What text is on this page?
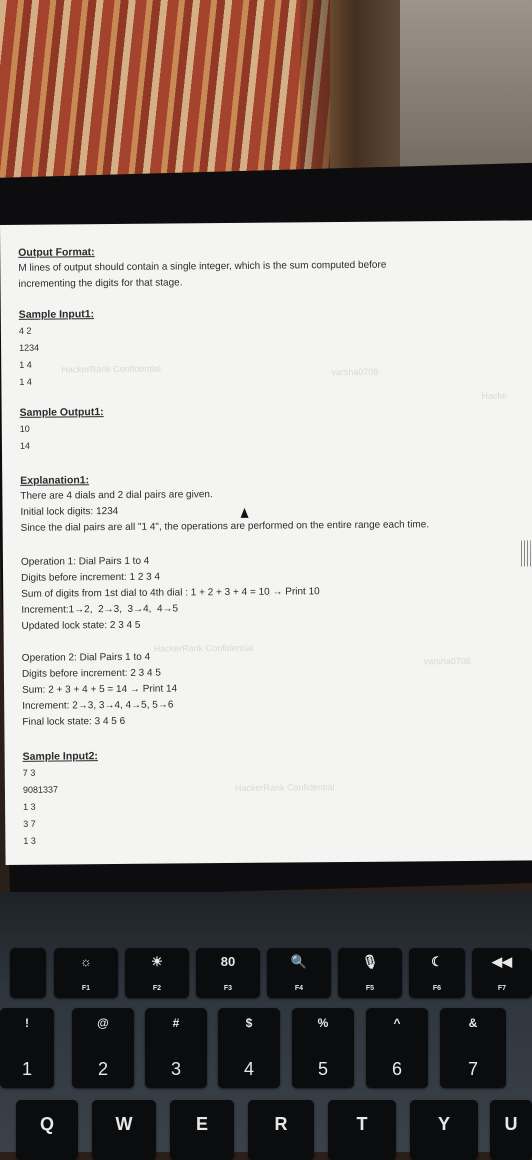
HackerRank Confidential	varsha0708
Hacke
HackerRank Confidential
varsha0708
HackerRank Confidential
Output Format:
M lines of output should contain a single integer, which is the sum computed before
incrementing the digits for that stage.
Sample Input1:
4 2
1234
1 4
1 4
Sample Output1:
10
14
Explanation1:
There are 4 dials and 2 dial pairs are given.
Initial lock digits: 1234
Since the dial pairs are all "1 4", the operations are performed on the entire range each time.
Operation 1: Dial Pairs 1 to 4
Digits before increment: 1 2 3 4
Sum of digits from 1st dial to 4th dial : 1 + 2 + 3 + 4 = 10 → Print 10
Increment:1→2,  2→3,  3→4,  4→5
Updated lock state: 2 3 4 5
Operation 2: Dial Pairs 1 to 4
Digits before increment: 2 3 4 5
Sum: 2 + 3 + 4 + 5 = 14 → Print 14
Increment: 2→3, 3→4, 4→5, 5→6
Final lock state: 3 4 5 6
Sample Input2:
7 3
9081337
1 3
3 7
1 3
☼
F1
☀
F2
80
F3
🔍
F4
🎙
F5
☾
F6
◀◀
F7
!
1
@
2
#
3
$
4
%
5
^
6
&
7
Q	W	E	R	T	Y	U
